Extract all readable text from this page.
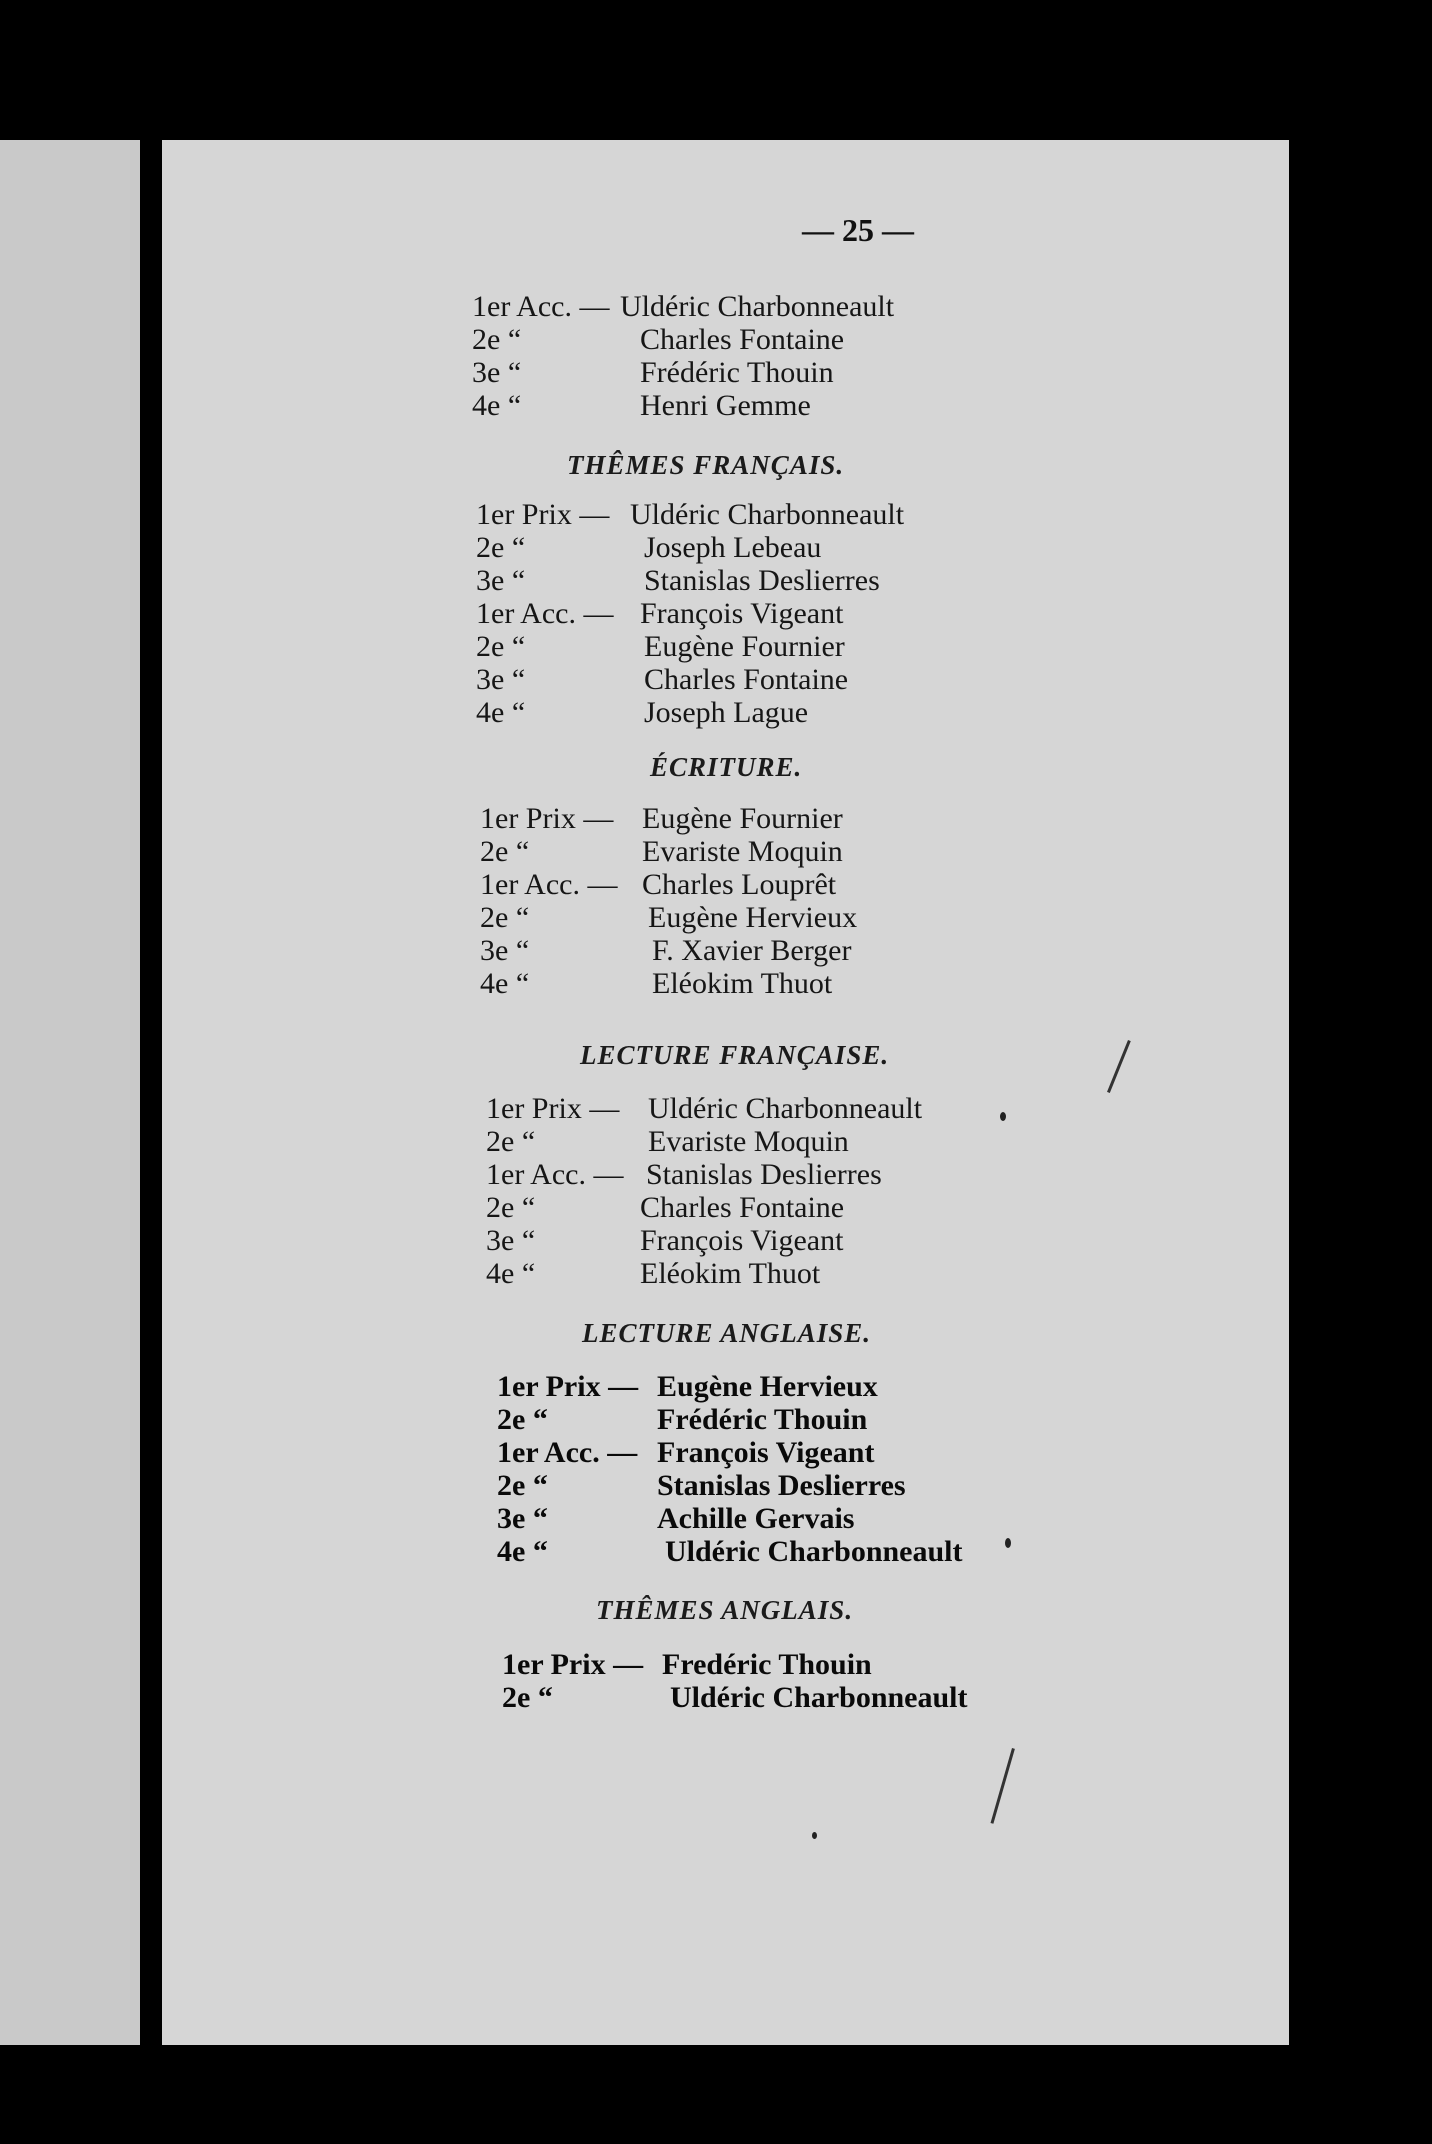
— 25 —
1er Acc. — Uldéric Charbonneault
2e “	Charles Fontaine
3e “	Frédéric Thouin
4e “	Henri Gemme
THÊMES FRANÇAIS.
1er Prix — Uldéric Charbonneault
2e “	Joseph Lebeau
3e “	Stanislas Deslierres
1er Acc. — François Vigeant
2e “	Eugène Fournier
3e “	Charles Fontaine
4e “	Joseph Lague
ÉCRITURE.
1er Prix — Eugène Fournier
2e “	Evariste Moquin
1er Acc. — Charles Louprêt
2e “	Eugène Hervieux
3e “	F. Xavier Berger
4e “	Eléokim Thuot
LECTURE FRANÇAISE.
1er Prix — Uldéric Charbonneault
2e “	Evariste Moquin
1er Acc. — Stanislas Deslierres
2e “	Charles Fontaine
3e “	François Vigeant
4e “	Eléokim Thuot
LECTURE ANGLAISE.
1er Prix — Eugène Hervieux
2e “	Frédéric Thouin
1er Acc. — François Vigeant
2e “	Stanislas Deslierres
3e “	Achille Gervais
4e “	Uldéric Charbonneault
THÊMES ANGLAIS.
1er Prix — Fredéric Thouin
2e “	Uldéric Charbonneault
